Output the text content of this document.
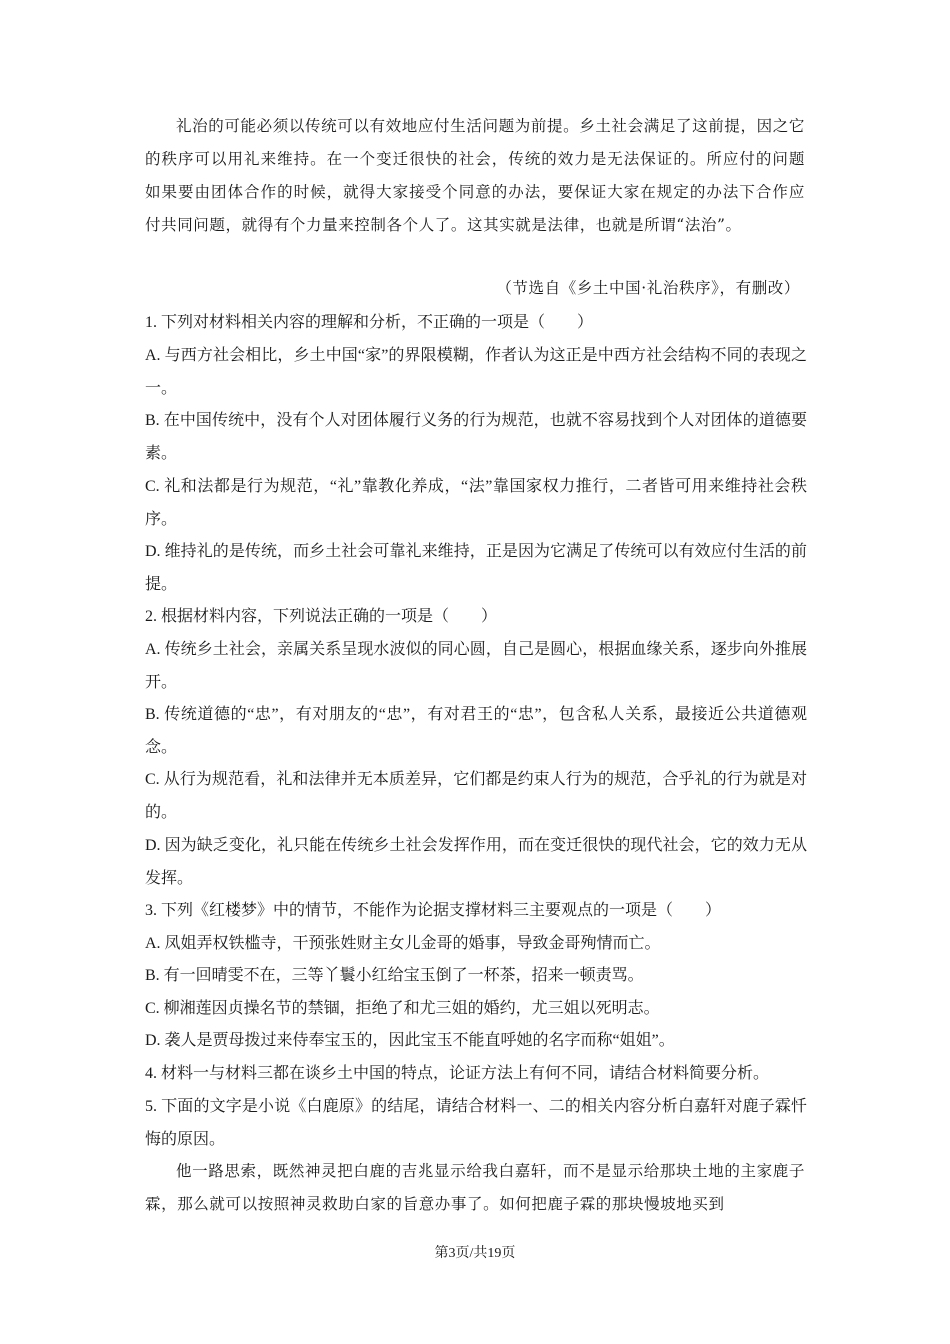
礼治的可能必须以传统可以有效地应付生活问题为前提。乡土社会满足了这前提，因之它的秩序可以用礼来维持。在一个变迁很快的社会，传统的效力是无法保证的。所应付的问题如果要由团体合作的时候，就得大家接受个同意的办法，要保证大家在规定的办法下合作应付共同问题，就得有个力量来控制各个人了。这其实就是法律，也就是所谓“法治”。

（节选自《乡土中国·礼治秩序》，有删改）

1. 下列对材料相关内容的理解和分析，不正确的一项是（　　）

A. 与西方社会相比，乡土中国“家”的界限模糊，作者认为这正是中西方社会结构不同的表现之一。

B. 在中国传统中，没有个人对团体履行义务的行为规范，也就不容易找到个人对团体的道德要素。

C. 礼和法都是行为规范，“礼”靠教化养成，“法”靠国家权力推行，二者皆可用来维持社会秩序。

D. 维持礼的是传统，而乡土社会可靠礼来维持，正是因为它满足了传统可以有效应付生活的前提。

2. 根据材料内容，下列说法正确的一项是（　　）

A. 传统乡土社会，亲属关系呈现水波似的同心圆，自己是圆心，根据血缘关系，逐步向外推展开。

B. 传统道德的“忠”，有对朋友的“忠”，有对君王的“忠”，包含私人关系，最接近公共道德观念。

C. 从行为规范看，礼和法律并无本质差异，它们都是约束人行为的规范，合乎礼的行为就是对的。

D. 因为缺乏变化，礼只能在传统乡土社会发挥作用，而在变迁很快的现代社会，它的效力无从发挥。

3. 下列《红楼梦》中的情节，不能作为论据支撑材料三主要观点的一项是（　　）

A. 凤姐弄权铁槛寺，干预张姓财主女儿金哥的婚事，导致金哥殉情而亡。

B. 有一回晴雯不在，三等丫鬟小红给宝玉倒了一杯茶，招来一顿责骂。

C. 柳湘莲因贞操名节的禁锢，拒绝了和尤三姐的婚约，尤三姐以死明志。

D. 袭人是贾母拨过来侍奉宝玉的，因此宝玉不能直呼她的名字而称“姐姐”。

4. 材料一与材料三都在谈乡土中国的特点，论证方法上有何不同，请结合材料简要分析。

5. 下面的文字是小说《白鹿原》的结尾，请结合材料一、二的相关内容分析白嘉轩对鹿子霖忏悔的原因。

他一路思索，既然神灵把白鹿的吉兆显示给我白嘉轩，而不是显示给那块土地的主家鹿子霖，那么就可以按照神灵救助白家的旨意办事了。如何把鹿子霖的那块慢坡地买到

第3页/共19页
